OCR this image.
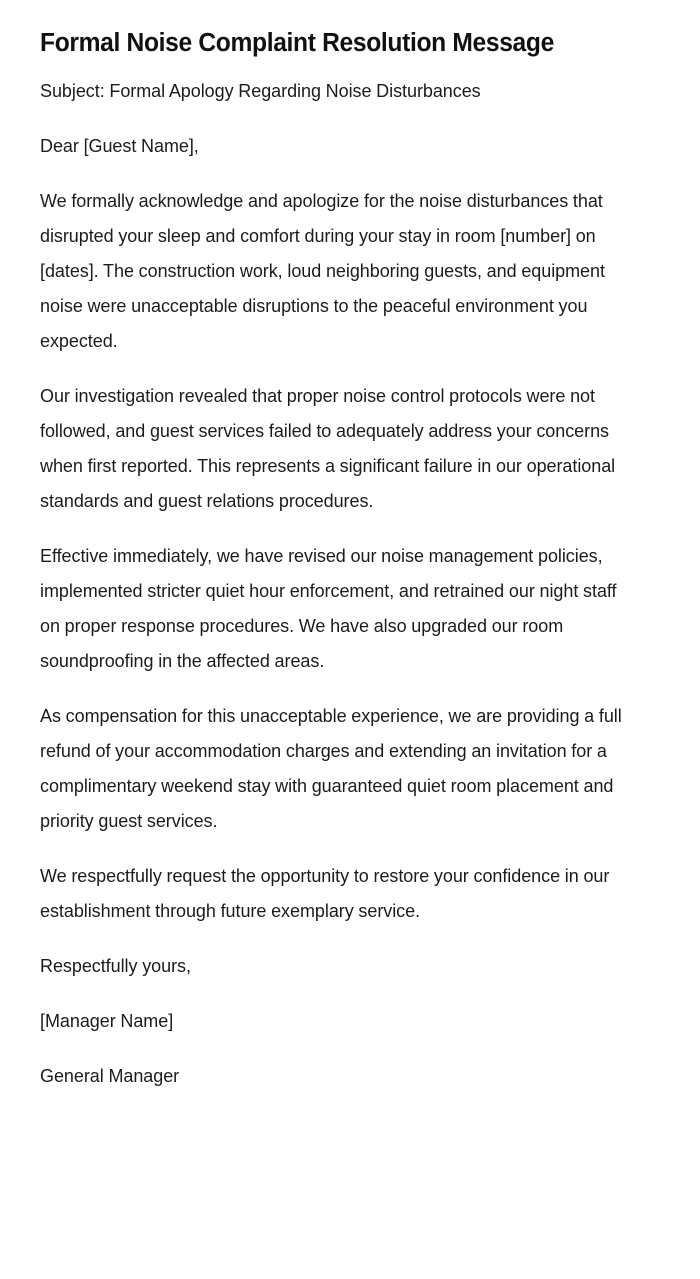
Formal Noise Complaint Resolution Message

Subject: Formal Apology Regarding Noise Disturbances

Dear [Guest Name],

We formally acknowledge and apologize for the noise disturbances that disrupted your sleep and comfort during your stay in room [number] on [dates]. The construction work, loud neighboring guests, and equipment noise were unacceptable disruptions to the peaceful environment you expected.

Our investigation revealed that proper noise control protocols were not followed, and guest services failed to adequately address your concerns when first reported. This represents a significant failure in our operational standards and guest relations procedures.

Effective immediately, we have revised our noise management policies, implemented stricter quiet hour enforcement, and retrained our night staff on proper response procedures. We have also upgraded our room soundproofing in the affected areas.

As compensation for this unacceptable experience, we are providing a full refund of your accommodation charges and extending an invitation for a complimentary weekend stay with guaranteed quiet room placement and priority guest services.

We respectfully request the opportunity to restore your confidence in our establishment through future exemplary service.

Respectfully yours,

[Manager Name]

General Manager
